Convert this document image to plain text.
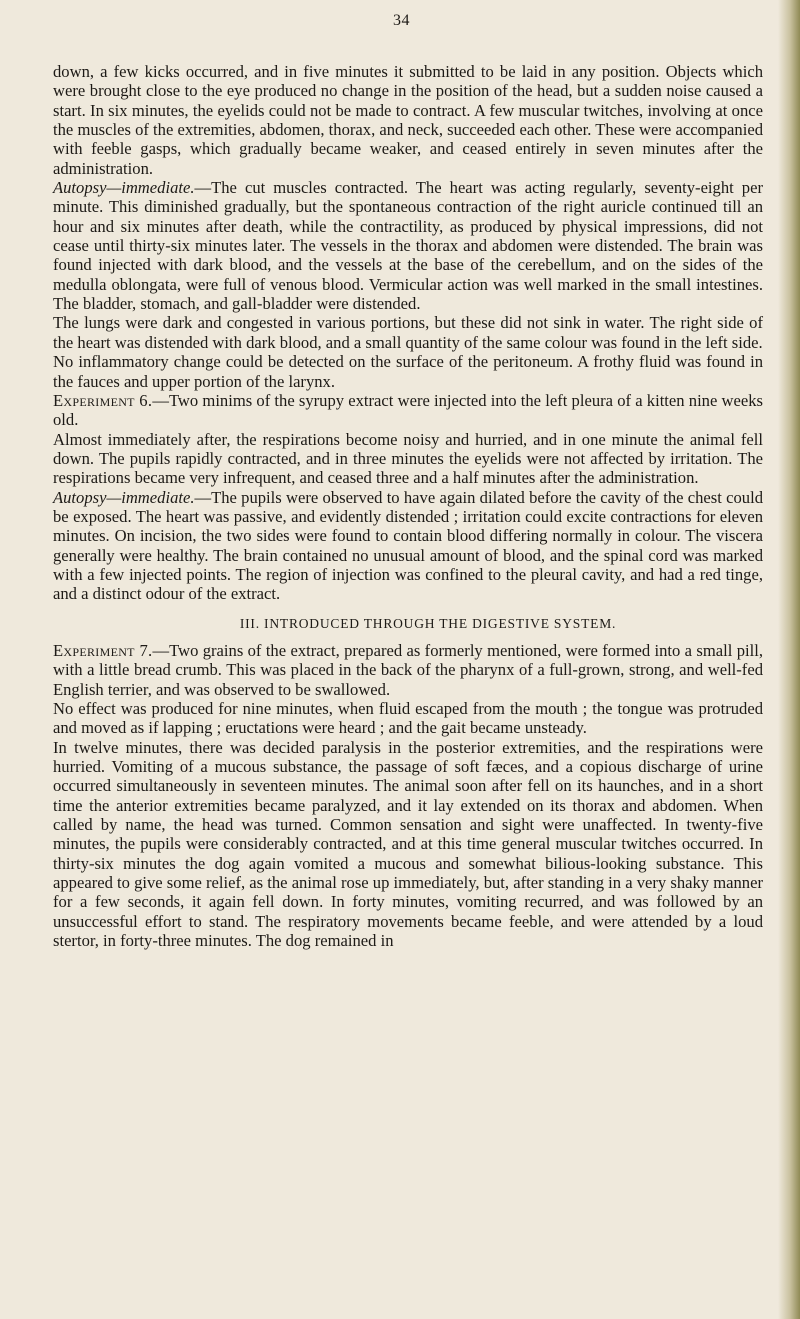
34

down, a few kicks occurred, and in five minutes it submitted to be laid in any position. Objects which were brought close to the eye produced no change in the position of the head, but a sudden noise caused a start. In six minutes, the eyelids could not be made to contract. A few muscular twitches, involving at once the muscles of the extremities, abdomen, thorax, and neck, succeeded each other. These were accompanied with feeble gasps, which gradually became weaker, and ceased entirely in seven minutes after the administration.

Autopsy—immediate.—The cut muscles contracted. The heart was acting regularly, seventy-eight per minute. This diminished gradually, but the spontaneous contraction of the right auricle continued till an hour and six minutes after death, while the contractility, as produced by physical impressions, did not cease until thirty-six minutes later. The vessels in the thorax and abdomen were distended. The brain was found injected with dark blood, and the vessels at the base of the cerebellum, and on the sides of the medulla oblongata, were full of venous blood. Vermicular action was well marked in the small intestines. The bladder, stomach, and gall-bladder were distended.

The lungs were dark and congested in various portions, but these did not sink in water. The right side of the heart was distended with dark blood, and a small quantity of the same colour was found in the left side.

No inflammatory change could be detected on the surface of the peritoneum. A frothy fluid was found in the fauces and upper portion of the larynx.

Experiment 6.—Two minims of the syrupy extract were injected into the left pleura of a kitten nine weeks old.

Almost immediately after, the respirations become noisy and hurried, and in one minute the animal fell down. The pupils rapidly contracted, and in three minutes the eyelids were not affected by irritation. The respirations became very infrequent, and ceased three and a half minutes after the administration.

Autopsy—immediate.—The pupils were observed to have again dilated before the cavity of the chest could be exposed. The heart was passive, and evidently distended ; irritation could excite contractions for eleven minutes. On incision, the two sides were found to contain blood differing normally in colour. The viscera generally were healthy. The brain contained no unusual amount of blood, and the spinal cord was marked with a few injected points. The region of injection was confined to the pleural cavity, and had a red tinge, and a distinct odour of the extract.

III. INTRODUCED THROUGH THE DIGESTIVE SYSTEM.

Experiment 7.—Two grains of the extract, prepared as formerly mentioned, were formed into a small pill, with a little bread crumb. This was placed in the back of the pharynx of a full-grown, strong, and well-fed English terrier, and was observed to be swallowed.

No effect was produced for nine minutes, when fluid escaped from the mouth ; the tongue was protruded and moved as if lapping ; eructations were heard ; and the gait became unsteady.

In twelve minutes, there was decided paralysis in the posterior extremities, and the respirations were hurried. Vomiting of a mucous substance, the passage of soft fæces, and a copious discharge of urine occurred simultaneously in seventeen minutes. The animal soon after fell on its haunches, and in a short time the anterior extremities became paralyzed, and it lay extended on its thorax and abdomen. When called by name, the head was turned. Common sensation and sight were unaffected. In twenty-five minutes, the pupils were considerably contracted, and at this time general muscular twitches occurred. In thirty-six minutes the dog again vomited a mucous and somewhat bilious-looking substance. This appeared to give some relief, as the animal rose up immediately, but, after standing in a very shaky manner for a few seconds, it again fell down. In forty minutes, vomiting recurred, and was followed by an unsuccessful effort to stand. The respiratory movements became feeble, and were attended by a loud stertor, in forty-three minutes. The dog remained in
